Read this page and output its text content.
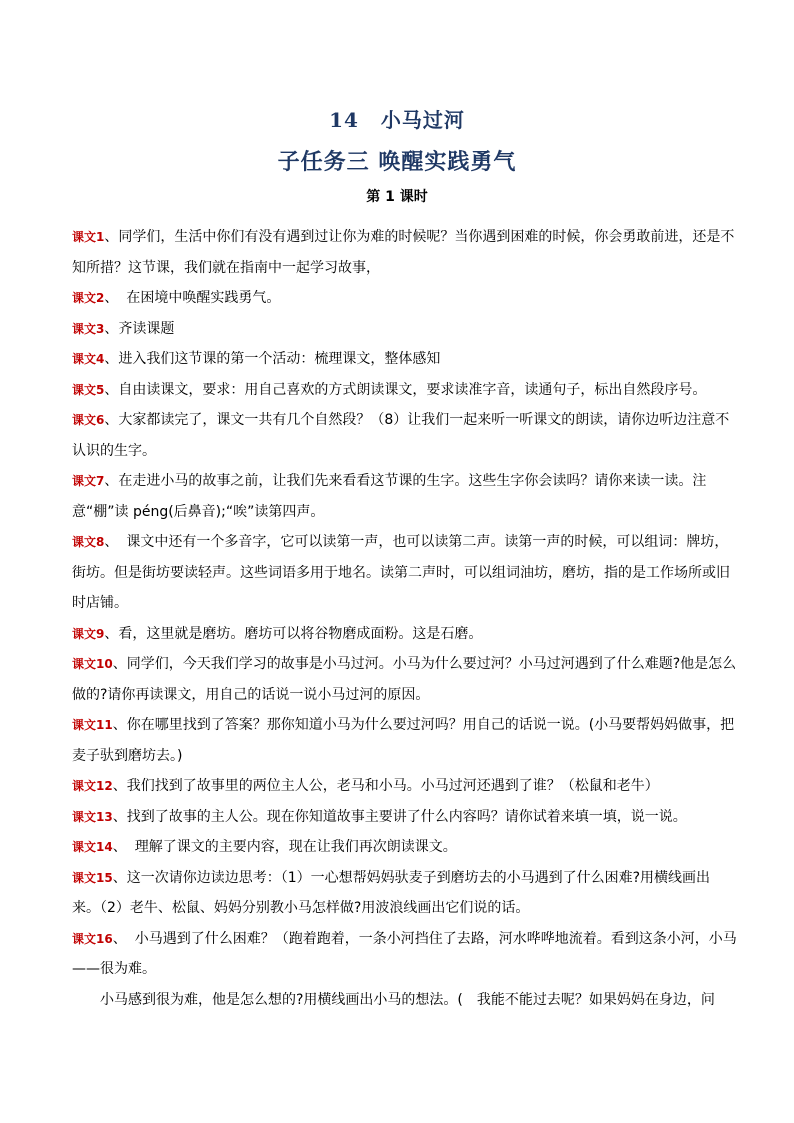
14 小马过河
子任务三 唤醒实践勇气
第 1 课时

课文1、同学们，生活中你们有没有遇到过让你为难的时候呢？当你遇到困难的时候，你会勇敢前进，还是不知所措？这节课，我们就在指南中一起学习故事，

课文2、 在困境中唤醒实践勇气。

课文3、齐读课题

课文4、进入我们这节课的第一个活动：梳理课文，整体感知

课文5、自由读课文，要求：用自己喜欢的方式朗读课文，要求读准字音，读通句子，标出自然段序号。

课文6、大家都读完了，课文一共有几个自然段？（8）让我们一起来听一听课文的朗读，请你边听边注意不认识的生字。

课文7、在走进小马的故事之前，让我们先来看看这节课的生字。这些生字你会读吗？请你来读一读。注意“棚”读 péng(后鼻音);“唉”读第四声。

课文8、 课文中还有一个多音字，它可以读第一声，也可以读第二声。读第一声的时候，可以组词：牌坊，街坊。但是街坊要读轻声。这些词语多用于地名。读第二声时，可以组词油坊，磨坊，指的是工作场所或旧时店铺。

课文9、看，这里就是磨坊。磨坊可以将谷物磨成面粉。这是石磨。

课文10、同学们，今天我们学习的故事是小马过河。小马为什么要过河？小马过河遇到了什么难题?他是怎么做的?请你再读课文，用自己的话说一说小马过河的原因。

课文11、你在哪里找到了答案？那你知道小马为什么要过河吗？用自己的话说一说。(小马要帮妈妈做事，把麦子驮到磨坊去。)

课文12、我们找到了故事里的两位主人公，老马和小马。小马过河还遇到了谁？（松鼠和老牛）

课文13、找到了故事的主人公。现在你知道故事主要讲了什么内容吗？请你试着来填一填，说一说。

课文14、 理解了课文的主要内容，现在让我们再次朗读课文。

课文15、这一次请你边读边思考：（1）一心想帮妈妈驮麦子到磨坊去的小马遇到了什么困难?用横线画出来。（2）老牛、松鼠、妈妈分别教小马怎样做?用波浪线画出它们说的话。

课文16、 小马遇到了什么困难？（跑着跑着，一条小河挡住了去路，河水哗哗地流着。看到这条小河，小马——很为难。

小马感到很为难，他是怎么想的?用横线画出小马的想法。(　我能不能过去呢？如果妈妈在身边，问
